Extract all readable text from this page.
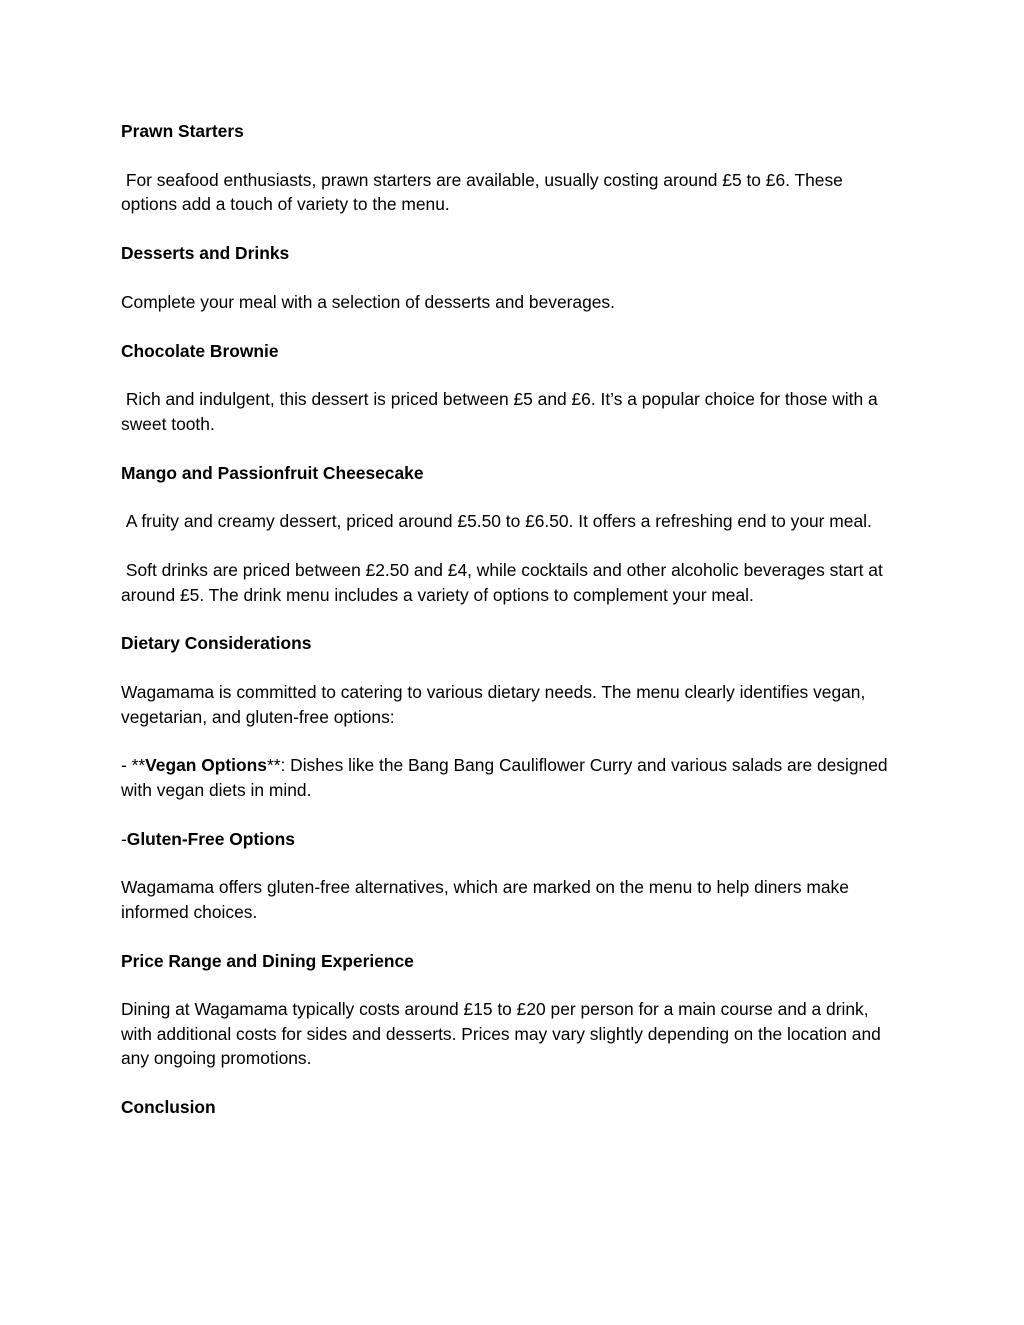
Prawn Starters
For seafood enthusiasts, prawn starters are available, usually costing around £5 to £6. These options add a touch of variety to the menu.
Desserts and Drinks
Complete your meal with a selection of desserts and beverages.
Chocolate Brownie
Rich and indulgent, this dessert is priced between £5 and £6. It’s a popular choice for those with a sweet tooth.
Mango and Passionfruit Cheesecake
A fruity and creamy dessert, priced around £5.50 to £6.50. It offers a refreshing end to your meal.
Soft drinks are priced between £2.50 and £4, while cocktails and other alcoholic beverages start at around £5. The drink menu includes a variety of options to complement your meal.
Dietary Considerations
Wagamama is committed to catering to various dietary needs. The menu clearly identifies vegan, vegetarian, and gluten-free options:
- **Vegan Options**: Dishes like the Bang Bang Cauliflower Curry and various salads are designed with vegan diets in mind.
-Gluten-Free Options
Wagamama offers gluten-free alternatives, which are marked on the menu to help diners make informed choices.
Price Range and Dining Experience
Dining at Wagamama typically costs around £15 to £20 per person for a main course and a drink, with additional costs for sides and desserts. Prices may vary slightly depending on the location and any ongoing promotions.
Conclusion
